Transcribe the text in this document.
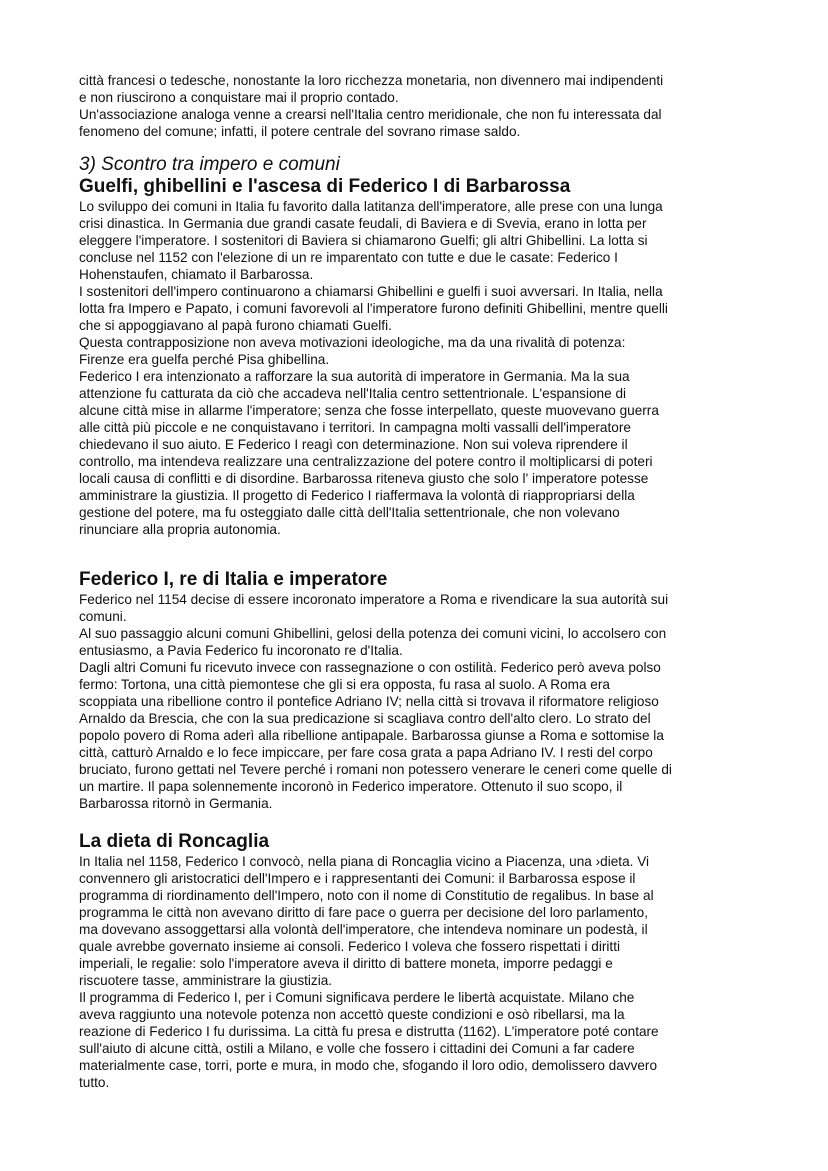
città francesi o tedesche, nonostante la loro ricchezza monetaria, non divennero mai indipendenti
e non riuscirono a conquistare mai il proprio contado.

Un'associazione analoga venne a crearsi nell'Italia centro meridionale, che non fu interessata dal
fenomeno del comune; infatti, il potere centrale del sovrano rimase saldo.

3) Scontro tra impero e comuni
Guelfi, ghibellini e l'ascesa di Federico I di Barbarossa

Lo sviluppo dei comuni in Italia fu favorito dalla latitanza dell'imperatore, alle prese con una lunga
crisi dinastica. In Germania due grandi casate feudali, di Baviera e di Svevia, erano in lotta per
eleggere l'imperatore. I sostenitori di Baviera si chiamarono Guelfi; gli altri Ghibellini. La lotta si
concluse nel 1152 con l'elezione di un re imparentato con tutte e due le casate: Federico I
Hohenstaufen, chiamato il Barbarossa.

I sostenitori dell'impero continuarono a chiamarsi Ghibellini e guelfi i suoi avversari. In Italia, nella
lotta fra Impero e Papato, i comuni favorevoli al l'imperatore furono definiti Ghibellini, mentre quelli
che si appoggiavano al papà furono chiamati Guelfi.

Questa contrapposizione non aveva motivazioni ideologiche, ma da una rivalità di potenza:
Firenze era guelfa perché Pisa ghibellina.

Federico I era intenzionato a rafforzare la sua autorità di imperatore in Germania. Ma la sua
attenzione fu catturata da ciò che accadeva nell'Italia centro settentrionale. L'espansione di
alcune città mise in allarme l'imperatore; senza che fosse interpellato, queste muovevano guerra
alle città più piccole e ne conquistavano i territori. In campagna molti vassalli dell'imperatore
chiedevano il suo aiuto. E Federico I reagì con determinazione. Non sui voleva riprendere il
controllo, ma intendeva realizzare una centralizzazione del potere contro il moltiplicarsi di poteri
locali causa di conflitti e di disordine. Barbarossa riteneva giusto che solo l' imperatore potesse
amministrare la giustizia. Il progetto di Federico I riaffermava la volontà di riappropriarsi della
gestione del potere, ma fu osteggiato dalle città dell'Italia settentrionale, che non volevano
rinunciare alla propria autonomia.

Federico I, re di Italia e imperatore

Federico nel 1154 decise di essere incoronato imperatore a Roma e rivendicare la sua autorità sui
comuni.

Al suo passaggio alcuni comuni Ghibellini, gelosi della potenza dei comuni vicini, lo accolsero con
entusiasmo, a Pavia Federico fu incoronato re d'Italia.

Dagli altri Comuni fu ricevuto invece con rassegnazione o con ostilità. Federico però aveva polso
fermo: Tortona, una città piemontese che gli si era opposta, fu rasa al suolo. A Roma era
scoppiata una ribellione contro il pontefice Adriano IV; nella città si trovava il riformatore religioso
Arnaldo da Brescia, che con la sua predicazione si scagliava contro dell'alto clero. Lo strato del
popolo povero di Roma aderì alla ribellione antipapale. Barbarossa giunse a Roma e sottomise la
città, catturò Arnaldo e lo fece impiccare, per fare cosa grata a papa Adriano IV. I resti del corpo
bruciato, furono gettati nel Tevere perché i romani non potessero venerare le ceneri come quelle di
un martire. Il papa solennemente incoronò in Federico imperatore. Ottenuto il suo scopo, il
Barbarossa ritornò in Germania.

La dieta di Roncaglia

In Italia nel 1158, Federico I convocò, nella piana di Roncaglia vicino a Piacenza, una ›dieta. Vi
convennero gli aristocratici dell'Impero e i rappresentanti dei Comuni: il Barbarossa espose il
programma di riordinamento dell'Impero, noto con il nome di Constitutio de regalibus. In base al
programma le città non avevano diritto di fare pace o guerra per decisione del loro parlamento,
ma dovevano assoggettarsi alla volontà dell'imperatore, che intendeva nominare un podestà, il
quale avrebbe governato insieme ai consoli. Federico I voleva che fossero rispettati i diritti
imperiali, le regalie: solo l'imperatore aveva il diritto di battere moneta, imporre pedaggi e
riscuotere tasse, amministrare la giustizia.

Il programma di Federico I, per i Comuni significava perdere le libertà acquistate. Milano che
aveva raggiunto una notevole potenza non accettò queste condizioni e osò ribellarsi, ma la
reazione di Federico I fu durissima. La città fu presa e distrutta (1162). L'imperatore poté contare
sull'aiuto di alcune città, ostili a Milano, e volle che fossero i cittadini dei Comuni a far cadere
materialmente case, torri, porte e mura, in modo che, sfogando il loro odio, demolissero davvero
tutto.
